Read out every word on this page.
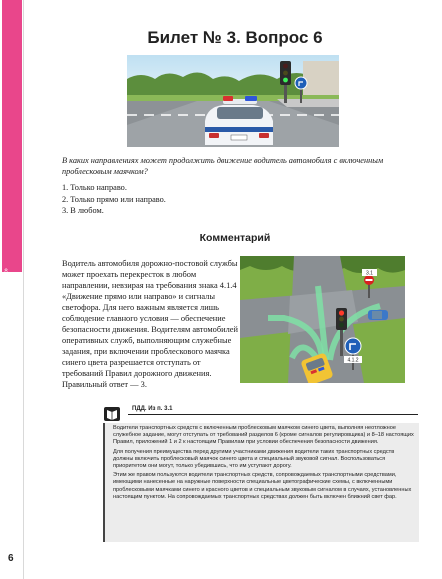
Тема «Применение специальных сигналов»
6
Билет № 3. Вопрос 6
В каких направлениях может продолжить движение водитель автомобиля с включенным проблесковым маячком?
1. Только направо.
2. Только прямо или направо.
3. В любом.
Комментарий
Водитель автомобиля дорожно-постовой службы может проехать перекресток в любом направлении, невзирая на требования знака 4.1.4 «Движение прямо или направо» и сигналы светофора. Для него важным является лишь соблюдение главного условия — обеспечение безопасности движения. Водителям автомобилей оперативных служб, выполняющим служебные задания, при включении проблескового маячка синего цвета разрешается отступать от требований Правил дорожного движения. Правильный ответ — 3.
3.1
4.1.2
ПДД. Из п. 3.1

Водители транспортных средств с включенным проблесковым маячком синего цвета, выполняя неотложное служебное задание, могут отступать от требований разделов 6 (кроме сигналов регулировщика) и 8–18 настоящих Правил, приложений 1 и 2 к настоящим Правилам при условии обеспечения безопасности движения.

Для получения преимущества перед другими участниками движения водители таких транспортных средств должны включить проблесковый маячок синего цвета и специальный звуковой сигнал. Воспользоваться приоритетом они могут, только убедившись, что им уступают дорогу.

Этим же правом пользуются водители транспортных средств, сопровождаемых транспортными средствами, имеющими нанесенные на наружные поверхности специальные цветографические схемы, с включенными проблесковыми маячками синего и красного цветов и специальным звуковым сигналом в случаях, установленных настоящим пунктом. На сопровождаемых транспортных средствах должен быть включен ближний свет фар.
